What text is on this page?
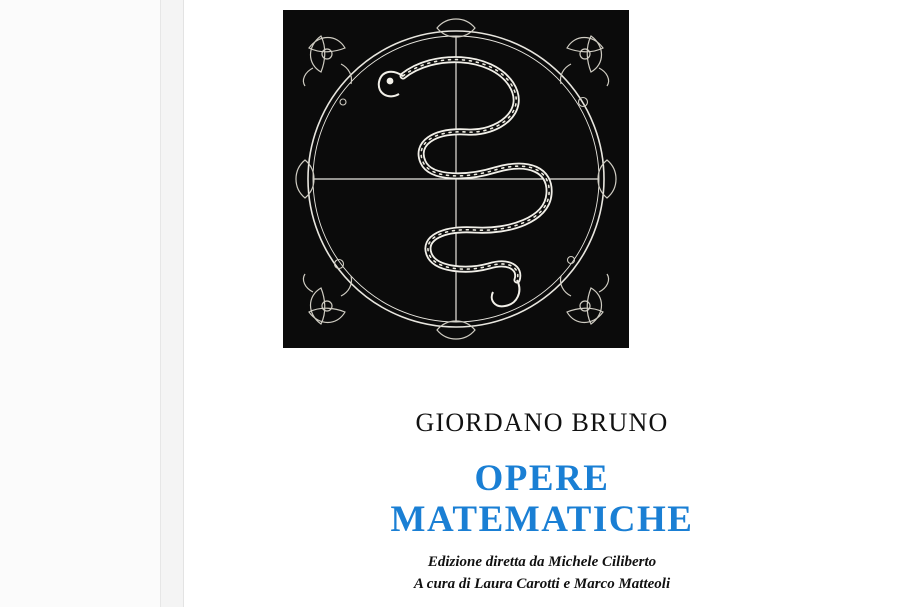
GIORDANO BRUNO
OPERE
MATEMATICHE
Edizione diretta da Michele Ciliberto
A cura di Laura Carotti e Marco Matteoli
